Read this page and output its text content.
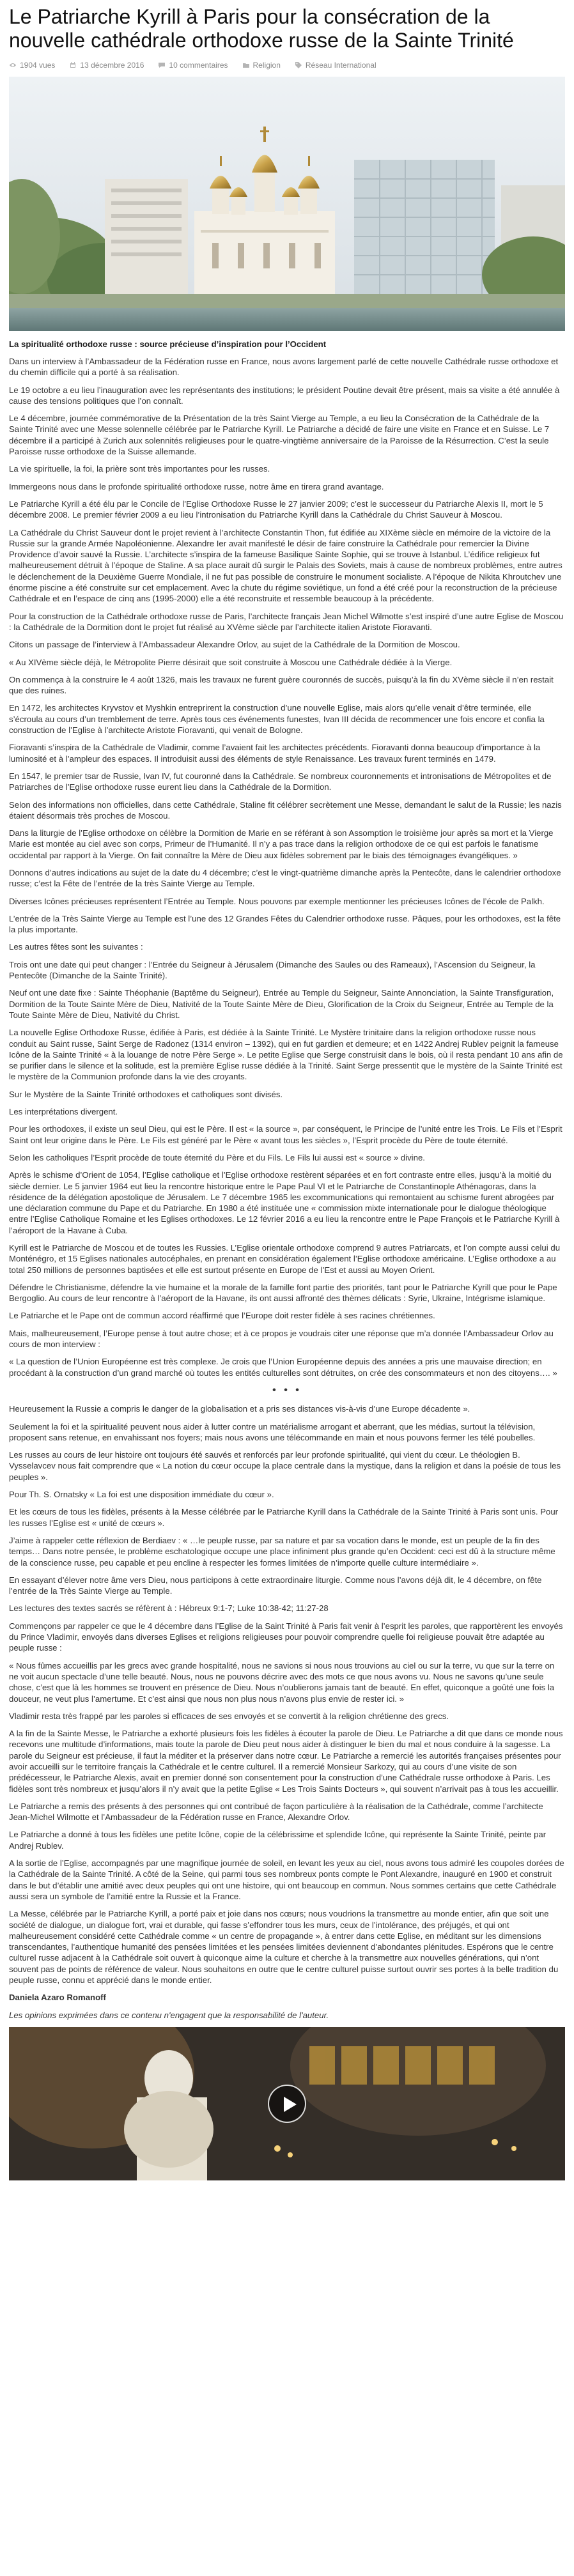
Le Patriarche Kyrill à Paris pour la consécration de la nouvelle cathédrale orthodoxe russe de la Sainte Trinité
1904 vues	13 décembre 2016	10 commentaires	Religion	Réseau International
La spiritualité orthodoxe russe : source précieuse d’inspiration pour l’Occident

Dans un interview à l’Ambassadeur de la Fédération russe en France, nous avons largement parlé de cette nouvelle Cathédrale russe orthodoxe et du chemin difficile qui a porté à sa réalisation.

Le 19 octobre a eu lieu l’inauguration avec les représentants des institutions; le président Poutine devait être présent, mais sa visite a été annulée à cause des tensions politiques que l’on connaît.

Le 4 décembre, journée commémorative de la Présentation de la très Saint Vierge au Temple, a eu lieu la Consécration de la Cathédrale de la Sainte Trinité avec une Messe solennelle célébrée par le Patriarche Kyrill. Le Patriarche a décidé de faire une visite en France et en Suisse. Le 7 décembre il a participé à Zurich aux solennités religieuses pour le quatre-vingtième anniversaire de la Paroisse de la Résurrection. C’est la seule Paroisse russe orthodoxe de la Suisse allemande.

La vie spirituelle, la foi, la prière sont très importantes pour les russes.

Immergeons nous dans le profonde spiritualité orthodoxe russe, notre âme en tirera grand avantage.

Le Patriarche Kyrill a été élu par le Concile de l’Eglise Orthodoxe Russe le 27 janvier 2009; c’est le successeur du Patriarche Alexis II, mort le 5 décembre 2008. Le premier février 2009 a eu lieu l’intronisation du Patriarche Kyrill dans la Cathédrale du Christ Sauveur à Moscou.

La Cathédrale du Christ Sauveur dont le projet revient à l’architecte Constantin Thon, fut édifiée au XIXème siècle en mémoire de la victoire de la Russie sur la grande Armée Napoléonienne. Alexandre Ier avait manifesté le désir de faire construire la Cathédrale pour remercier la Divine Providence d’avoir sauvé la Russie. L’architecte s’inspira de la fameuse Basilique Sainte Sophie, qui se trouve à Istanbul. L’édifice religieux fut malheureusement détruit à l’époque de Staline. A sa place aurait dû surgir le Palais des Soviets, mais à cause de nombreux problèmes, entre autres le déclenchement de la Deuxième Guerre Mondiale, il ne fut pas possible de construire le monument socialiste. A l’époque de Nikita Khroutchev une énorme piscine a été construite sur cet emplacement. Avec la chute du régime soviétique, un fond a été créé pour la reconstruction de la précieuse Cathédrale et en l’espace de cinq ans (1995-2000) elle a été reconstruite et ressemble beaucoup à la précédente.

Pour la construction de la Cathédrale orthodoxe russe de Paris, l’architecte français Jean Michel Wilmotte s’est inspiré d’une autre Eglise de Moscou : la Cathédrale de la Dormition dont le projet fut réalisé au XVème siècle par l’architecte italien Aristote Fioravanti.

Citons un passage de l’interview à l’Ambassadeur Alexandre Orlov, au sujet de la Cathédrale de la Dormition de Moscou.

« Au XIVème siècle déjà, le Métropolite Pierre désirait que soit construite à Moscou une Cathédrale dédiée à la Vierge.

On commença à la construire le 4 août 1326, mais les travaux ne furent guère couronnés de succès, puisqu’à la fin du XVème siècle il n’en restait que des ruines.

En 1472, les architectes Kryvstov et Myshkin entreprirent la construction d’une nouvelle Eglise, mais alors qu’elle venait d’être terminée, elle s’écroula au cours d’un tremblement de terre. Après tous ces événements funestes, Ivan III décida de recommencer une fois encore et confia la construction de l’Eglise à l’architecte Aristote Fioravanti, qui venait de Bologne.

Fioravanti s’inspira de la Cathédrale de Vladimir, comme l’avaient fait les architectes précédents. Fioravanti donna beaucoup d’importance à la luminosité et à l’ampleur des espaces. Il introduisit aussi des éléments de style Renaissance. Les travaux furent terminés en 1479.

En 1547, le premier tsar de Russie, Ivan IV, fut couronné dans la Cathédrale. Se nombreux couronnements et intronisations de Métropolites et de Patriarches de l’Eglise orthodoxe russe eurent lieu dans la Cathédrale de la Dormition.

Selon des informations non officielles, dans cette Cathédrale, Staline fit célébrer secrètement une Messe, demandant le salut de la Russie; les nazis étaient désormais très proches de Moscou.

Dans la liturgie de l’Eglise orthodoxe on célèbre la Dormition de Marie en se référant à son Assomption le troisième jour après sa mort et la Vierge Marie est montée au ciel avec son corps, Primeur de l’Humanité. Il n’y a pas trace dans la religion orthodoxe de ce qui est parfois le fanatisme occidental par rapport à la Vierge. On fait connaître la Mère de Dieu aux fidèles sobrement par le biais des témoignages évangéliques. »

Donnons d’autres indications au sujet de la date du 4 décembre; c’est le vingt-quatrième dimanche après la Pentecôte, dans le calendrier orthodoxe russe; c’est la Fête de l’entrée de la très Sainte Vierge au Temple.

Diverses Icônes précieuses représentent l’Entrée au Temple. Nous pouvons par exemple mentionner les précieuses Icônes de l’école de Palkh.

L’entrée de la Très Sainte Vierge au Temple est l’une des 12 Grandes Fêtes du Calendrier orthodoxe russe. Pâques, pour les orthodoxes, est la fête la plus importante.

Les autres fêtes sont les suivantes :

Trois ont une date qui peut changer : l’Entrée du Seigneur à Jérusalem (Dimanche des Saules ou des Rameaux), l’Ascension du Seigneur, la Pentecôte (Dimanche de la Sainte Trinité).

Neuf ont une date fixe : Sainte Théophanie (Baptême du Seigneur), Entrée au Temple du Seigneur, Sainte Annonciation, la Sainte Transfiguration, Dormition de la Toute Sainte Mère de Dieu, Nativité de la Toute Sainte Mère de Dieu, Glorification de la Croix du Seigneur, Entrée au Temple de la Toute Sainte Mère de Dieu, Nativité du Christ.

La nouvelle Eglise Orthodoxe Russe, édifiée à Paris, est dédiée à la Sainte Trinité. Le Mystère trinitaire dans la religion orthodoxe russe nous conduit au Saint russe, Saint Serge de Radonez (1314 environ – 1392), qui en fut gardien et demeure; et en 1422 Andrej Rublev peignit la fameuse Icône de la Sainte Trinité « à la louange de notre Père Serge ». Le petite Eglise que Serge construisit dans le bois, où il resta pendant 10 ans afin de se purifier dans le silence et la solitude, est la première Eglise russe dédiée à la Trinité. Saint Serge pressentit que le mystère de la Sainte Trinité est le mystère de la Communion profonde dans la vie des croyants.

Sur le Mystère de la Sainte Trinité orthodoxes et catholiques sont divisés.

Les interprétations divergent.

Pour les orthodoxes, il existe un seul Dieu, qui est le Père. Il est « la source », par conséquent, le Principe de l’unité entre les Trois. Le Fils et l’Esprit Saint ont leur origine dans le Père. Le Fils est généré par le Père « avant tous les siècles », l’Esprit procède du Père de toute éternité.

Selon les catholiques l’Esprit procède de toute éternité du Père et du Fils. Le Fils lui aussi est « source » divine.

Après le schisme d’Orient de 1054, l’Eglise catholique et l’Eglise orthodoxe restèrent séparées et en fort contraste entre elles, jusqu’à la moitié du siècle dernier. Le 5 janvier 1964 eut lieu la rencontre historique entre le Pape Paul VI et le Patriarche de Constantinople Athénagoras, dans la résidence de la délégation apostolique de Jérusalem. Le 7 décembre 1965 les excommunications qui remontaient au schisme furent abrogées par une déclaration commune du Pape et du Patriarche. En 1980 a été instituée une « commission mixte internationale pour le dialogue théologique entre l’Eglise Catholique Romaine et les Eglises orthodoxes. Le 12 février 2016 a eu lieu la rencontre entre le Pape François et le Patriarche Kyrill à l’aéroport de la Havane à Cuba.

Kyrill est le Patriarche de Moscou et de toutes les Russies. L’Eglise orientale orthodoxe comprend 9 autres Patriarcats, et l’on compte aussi celui du Monténégro, et 15 Eglises nationales autocéphales, en prenant en considération également l’Eglise orthodoxe américaine. L’Eglise orthodoxe a au total 250 millions de personnes baptisées et elle est surtout présente en Europe de l’Est et aussi au Moyen Orient.

Défendre le Christianisme, défendre la vie humaine et la morale de la famille font partie des priorités, tant pour le Patriarche Kyrill que pour le Pape Bergoglio. Au cours de leur rencontre à l’aéroport de la Havane, ils ont aussi affronté des thèmes délicats : Syrie, Ukraine, Intégrisme islamique.

Le Patriarche et le Pape ont de commun accord réaffirmé que l’Europe doit rester fidèle à ses racines chrétiennes.

Mais, malheureusement, l’Europe pense à tout autre chose; et à ce propos je voudrais citer une réponse que m’a donnée l’Ambassadeur Orlov au cours de mon interview :

« La question de l’Union Européenne est très complexe. Je crois que l’Union Européenne depuis des années a pris une mauvaise direction; en procédant à la construction d’un grand marché où toutes les entités culturelles sont détruites, on crée des consommateurs et non des citoyens…. »

• • •

Heureusement la Russie a compris le danger de la globalisation et a pris ses distances vis-à-vis d’une Europe décadente ».

Seulement la foi et la spiritualité peuvent nous aider à lutter contre un matérialisme arrogant et aberrant, que les médias, surtout la télévision, proposent sans retenue, en envahissant nos foyers; mais nous avons une télécommande en main et nous pouvons fermer les télé poubelles.

Les russes au cours de leur histoire ont toujours été sauvés et renforcés par leur profonde spiritualité, qui vient du cœur. Le théologien B. Vysselavcev nous fait comprendre que « La notion du cœur occupe la place centrale dans la mystique, dans la religion et dans la poésie de tous les peuples ».

Pour Th. S. Ornatsky « La foi est une disposition immédiate du cœur ».

Et les cœurs de tous les fidèles, présents à la Messe célébrée par le Patriarche Kyrill dans la Cathédrale de la Sainte Trinité à Paris sont unis. Pour les russes l’Eglise est « unité de cœurs ».

J’aime à rappeler cette réflexion de Berdiaev : « …le peuple russe, par sa nature et par sa vocation dans le monde, est un peuple de la fin des temps… Dans notre pensée, le problème eschatologique occupe une place infiniment plus grande qu’en Occident: ceci est dû à la structure même de la conscience russe, peu capable et peu encline à respecter les formes limitées de n’importe quelle culture intermédiaire ».

En essayant d’élever notre âme vers Dieu, nous participons à cette extraordinaire liturgie. Comme nous l’avons déjà dit, le 4 décembre, on fête l’entrée de la Très Sainte Vierge au Temple.

Les lectures des textes sacrés se réfèrent à : Hébreux 9:1-7; Luke 10:38-42; 11:27-28

Commençons par rappeler ce que le 4 décembre dans l’Eglise de la Saint Trinité à Paris fait venir à l’esprit les paroles, que rapportèrent les envoyés du Prince Vladimir, envoyés dans diverses Eglises et religions religieuses pour pouvoir comprendre quelle foi religieuse pouvait être adaptée au peuple russe :

« Nous fûmes accueillis par les grecs avec grande hospitalité, nous ne savions si nous nous trouvions au ciel ou sur la terre, vu que sur la terre on ne voit aucun spectacle d’une telle beauté. Nous, nous ne pouvons décrire avec des mots ce que nous avons vu. Nous ne savons qu’une seule chose, c’est que là les hommes se trouvent en présence de Dieu. Nous n’oublierons jamais tant de beauté. En effet, quiconque a goûté une fois la douceur, ne veut plus l’amertume. Et c’est ainsi que nous non plus nous n’avons plus envie de rester ici. »

Vladimir resta très frappé par les paroles si efficaces de ses envoyés et se convertit à la religion chrétienne des grecs.

A la fin de la Sainte Messe, le Patriarche a exhorté plusieurs fois les fidèles à écouter la parole de Dieu. Le Patriarche a dit que dans ce monde nous recevons une multitude d’informations, mais toute la parole de Dieu peut nous aider à distinguer le bien du mal et nous conduire à la sagesse. La parole du Seigneur est précieuse, il faut la méditer et la préserver dans notre cœur. Le Patriarche a remercié les autorités françaises présentes pour avoir accueilli sur le territoire français la Cathédrale et le centre culturel. Il a remercié Monsieur Sarkozy, qui au cours d’une visite de son prédécesseur, le Patriarche Alexis, avait en premier donné son consentement pour la construction d’une Cathédrale russe orthodoxe à Paris. Les fidèles sont très nombreux et jusqu’alors il n’y avait que la petite Eglise « Les Trois Saints Docteurs », qui souvent n’arrivait pas à tous les accueillir.

Le Patriarche a remis des présents à des personnes qui ont contribué de façon particulière à la réalisation de la Cathédrale, comme l’architecte Jean-Michel Wilmotte et l’Ambassadeur de la Fédération russe en France, Alexandre Orlov.

Le Patriarche a donné à tous les fidèles une petite Icône, copie de la célébrissime et splendide Icône, qui représente la Sainte Trinité, peinte par Andrej Rublev.

A la sortie de l’Eglise, accompagnés par une magnifique journée de soleil, en levant les yeux au ciel, nous avons tous admiré les coupoles dorées de la Cathédrale de la Sainte Trinité. A côté de la Seine, qui parmi tous ses nombreux ponts compte le Pont Alexandre, inauguré en 1900 et construit dans le but d’établir une amitié avec deux peuples qui ont une histoire, qui ont beaucoup en commun. Nous sommes certains que cette Cathédrale aussi sera un symbole de l’amitié entre la Russie et la France.

La Messe, célébrée par le Patriarche Kyrill, a porté paix et joie dans nos cœurs; nous voudrions la transmettre au monde entier, afin que soit une société de dialogue, un dialogue fort, vrai et durable, qui fasse s’effondrer tous les murs, ceux de l’intolérance, des préjugés, et qui ont malheureusement considéré cette Cathédrale comme « un centre de propagande », à entrer dans cette Eglise, en méditant sur les dimensions transcendantes, l’authentique humanité des pensées limitées et les pensées limitées deviennent d’abondantes plénitudes. Espérons que le centre culturel russe adjacent à la Cathédrale soit ouvert à quiconque aime la culture et cherche à la transmettre aux nouvelles générations, qui n’ont souvent pas de points de référence de valeur. Nous souhaitons en outre que le centre culturel puisse surtout ouvrir ses portes à la belle tradition du peuple russe, connu et apprécié dans le monde entier.

Daniela Azaro Romanoff

Les opinions exprimées dans ce contenu n'engagent que la responsabilité de l'auteur.
